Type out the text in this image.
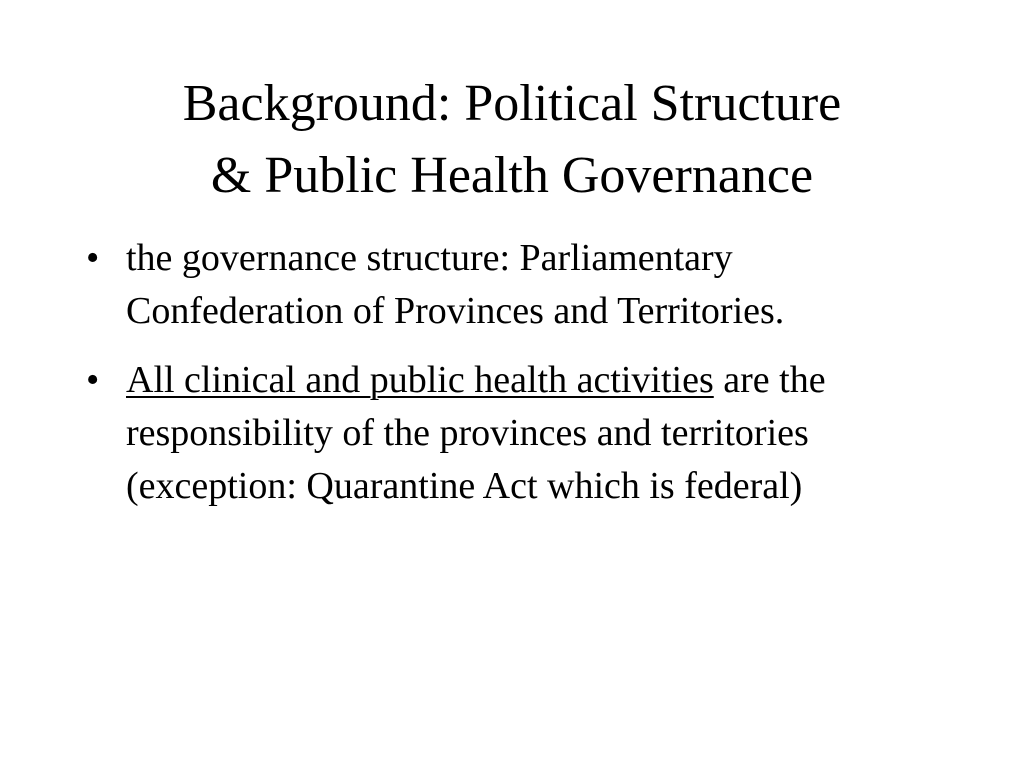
Background: Political Structure
& Public Health Governance
• the governance structure: Parliamentary Confederation of Provinces and Territories.
• All clinical and public health activities are the responsibility of the provinces and territories (exception: Quarantine Act which is federal)
